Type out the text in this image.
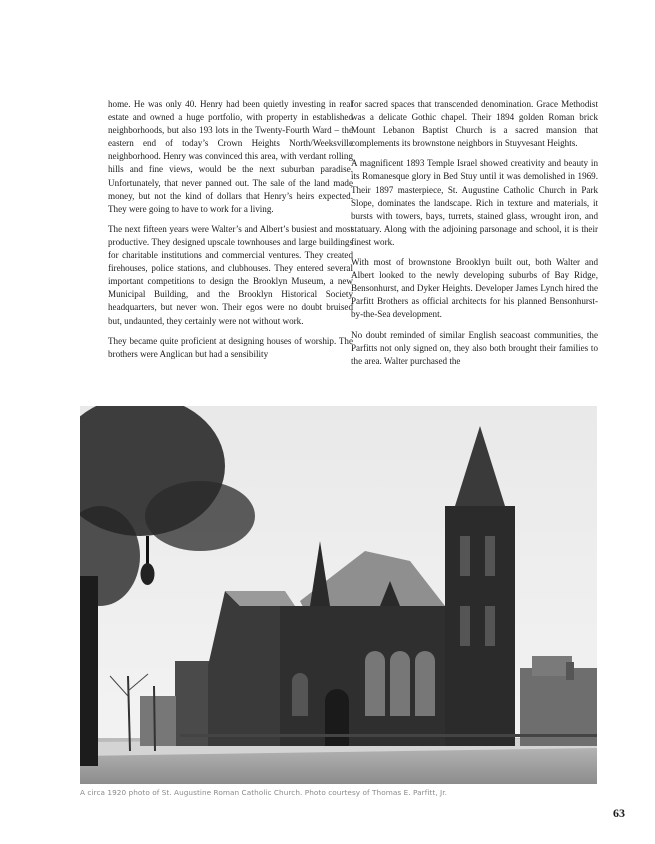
home. He was only 40. Henry had been quietly investing in real estate and owned a huge portfolio, with property in established neighborhoods, but also 193 lots in the Twenty-Fourth Ward – the eastern end of today’s Crown Heights North/Weeksville neighborhood. Henry was convinced this area, with verdant rolling hills and fine views, would be the next suburban paradise. Unfortunately, that never panned out. The sale of the land made money, but not the kind of dollars that Henry’s heirs expected. They were going to have to work for a living.

The next fifteen years were Walter’s and Albert’s busiest and most productive. They designed upscale townhouses and large buildings for charitable institutions and commercial ventures. They created firehouses, police stations, and clubhouses. They entered several important competitions to design the Brooklyn Museum, a new Municipal Building, and the Brooklyn Historical Society headquarters, but never won. Their egos were no doubt bruised but, undaunted, they certainly were not without work.

They became quite proficient at designing houses of worship. The brothers were Anglican but had a sensibility

for sacred spaces that transcended denomination. Grace Methodist was a delicate Gothic chapel. Their 1894 golden Roman brick Mount Lebanon Baptist Church is a sacred mansion that complements its brownstone neighbors in Stuyvesant Heights.

A magnificent 1893 Temple Israel showed creativity and beauty in its Romanesque glory in Bed Stuy until it was demolished in 1969. Their 1897 masterpiece, St. Augustine Catholic Church in Park Slope, dominates the landscape. Rich in texture and materials, it bursts with towers, bays, turrets, stained glass, wrought iron, and statuary. Along with the adjoining parsonage and school, it is their finest work.

With most of brownstone Brooklyn built out, both Walter and Albert looked to the newly developing suburbs of Bay Ridge, Bensonhurst, and Dyker Heights. Developer James Lynch hired the Parfitt Brothers as official architects for his planned Bensonhurst-by-the-Sea development.

No doubt reminded of similar English seacoast communities, the Parfitts not only signed on, they also both brought their families to the area. Walter purchased the

A circa 1920 photo of St. Augustine Roman Catholic Church. Photo courtesy of Thomas E. Parfitt, Jr.
63
